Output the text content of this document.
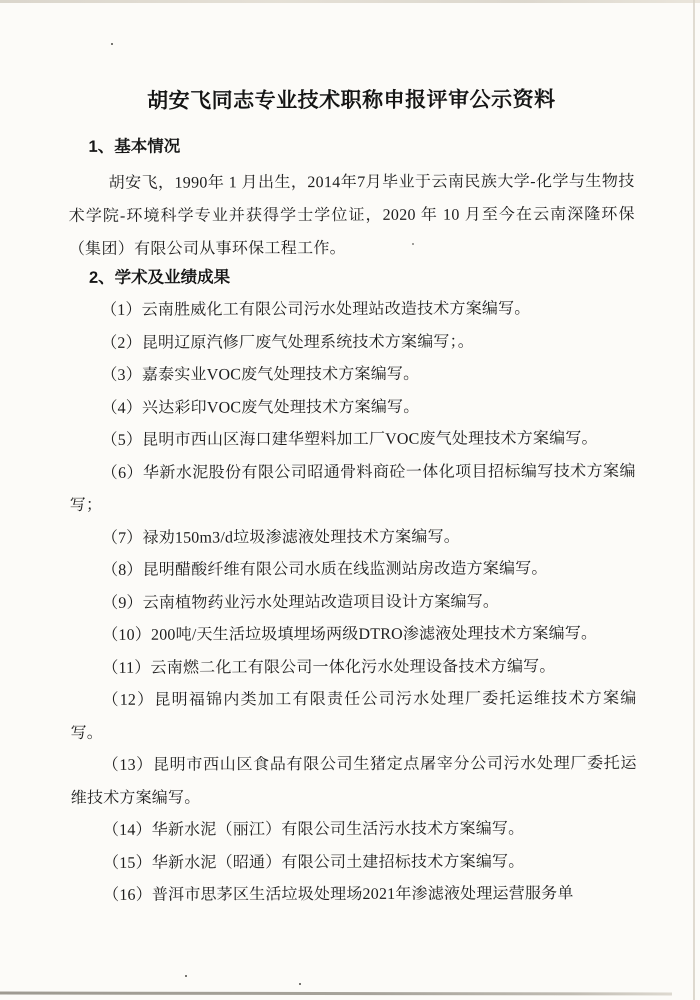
胡安飞同志专业技术职称申报评审公示资料
1、基本情况

胡安飞，1990年 1 月出生，2014年7月毕业于云南民族大学-化学与生物技术学院-环境科学专业并获得学士学位证，2020 年 10 月至今在云南深隆环保（集团）有限公司从事环保工程工作。

2、学术及业绩成果

（1）云南胜威化工有限公司污水处理站改造技术方案编写。

（2）昆明辽原汽修厂废气处理系统技术方案编写；。

（3）嘉泰实业VOC废气处理技术方案编写。

（4）兴达彩印VOC废气处理技术方案编写。

（5）昆明市西山区海口建华塑料加工厂VOC废气处理技术方案编写。

（6）华新水泥股份有限公司昭通骨料商砼一体化项目招标编写技术方案编写；

（7）禄劝150m3/d垃圾渗滤液处理技术方案编写。

（8）昆明醋酸纤维有限公司水质在线监测站房改造方案编写。

（9）云南植物药业污水处理站改造项目设计方案编写。

（10）200吨/天生活垃圾填埋场两级DTRO渗滤液处理技术方案编写。

（11）云南燃二化工有限公司一体化污水处理设备技术方编写。

（12）昆明福锦内类加工有限责任公司污水处理厂委托运维技术方案编写。

（13）昆明市西山区食品有限公司生猪定点屠宰分公司污水处理厂委托运维技术方案编写。

（14）华新水泥（丽江）有限公司生活污水技术方案编写。

（15）华新水泥（昭通）有限公司土建招标技术方案编写。

（16）普洱市思茅区生活垃圾处理场2021年渗滤液处理运营服务单
